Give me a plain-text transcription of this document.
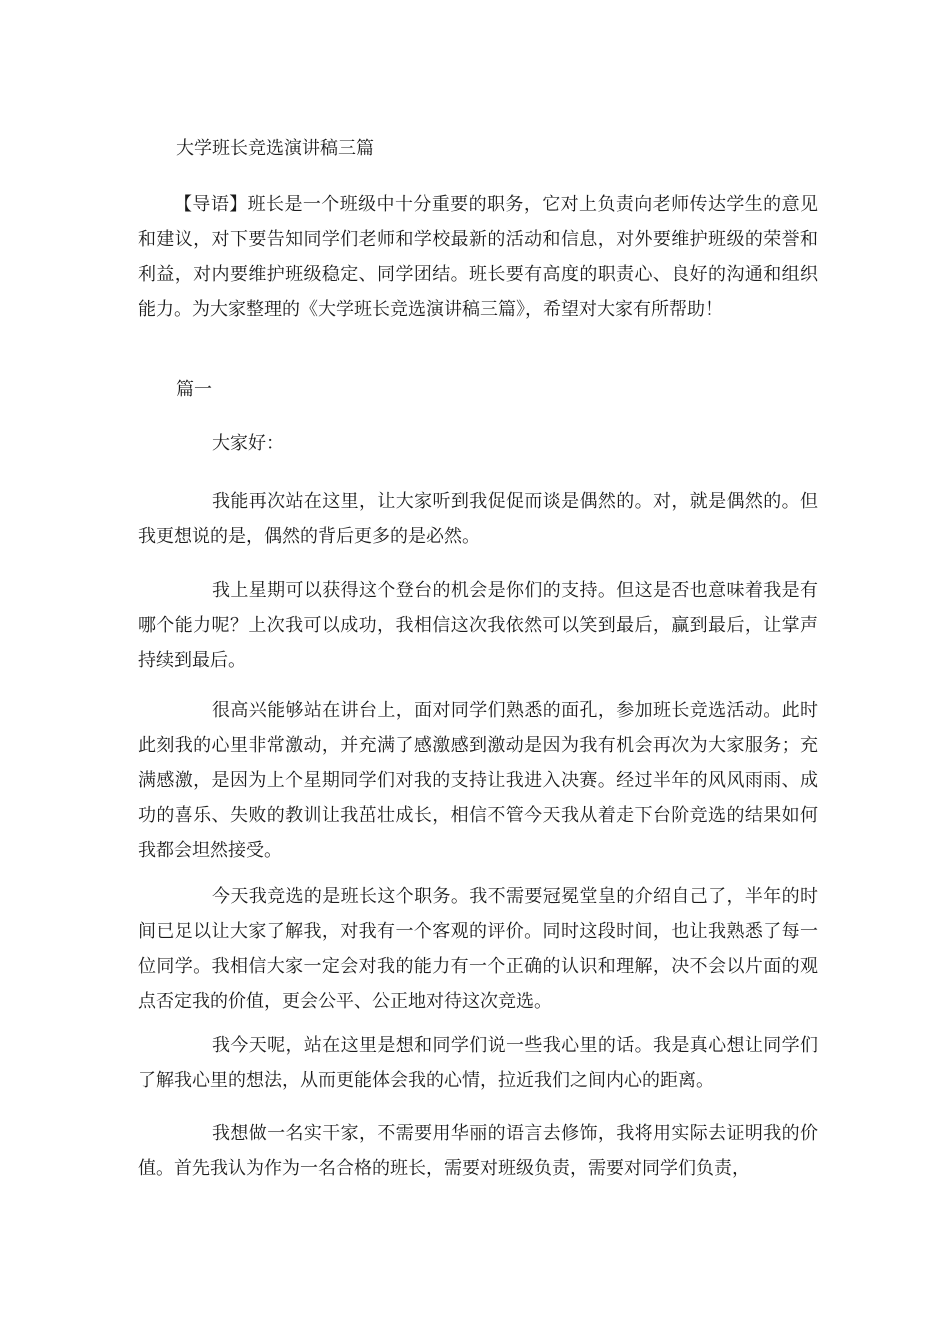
大学班长竞选演讲稿三篇

【导语】班长是一个班级中十分重要的职务，它对上负责向老师传达学生的意见和建议，对下要告知同学们老师和学校最新的活动和信息，对外要维护班级的荣誉和利益，对内要维护班级稳定、同学团结。班长要有高度的职责心、良好的沟通和组织能力。为大家整理的《大学班长竞选演讲稿三篇》，希望对大家有所帮助！

篇一

大家好：

我能再次站在这里，让大家听到我促促而谈是偶然的。对，就是偶然的。但我更想说的是，偶然的背后更多的是必然。

我上星期可以获得这个登台的机会是你们的支持。但这是否也意味着我是有哪个能力呢？上次我可以成功，我相信这次我依然可以笑到最后，赢到最后，让掌声持续到最后。

很高兴能够站在讲台上，面对同学们熟悉的面孔，参加班长竞选活动。此时此刻我的心里非常激动，并充满了感激感到激动是因为我有机会再次为大家服务；充满感激，是因为上个星期同学们对我的支持让我进入决赛。经过半年的风风雨雨、成功的喜乐、失败的教训让我茁壮成长，相信不管今天我从着走下台阶竞选的结果如何我都会坦然接受。

今天我竞选的是班长这个职务。我不需要冠冕堂皇的介绍自己了，半年的时间已足以让大家了解我，对我有一个客观的评价。同时这段时间，也让我熟悉了每一位同学。我相信大家一定会对我的能力有一个正确的认识和理解，决不会以片面的观点否定我的价值，更会公平、公正地对待这次竞选。

我今天呢，站在这里是想和同学们说一些我心里的话。我是真心想让同学们了解我心里的想法，从而更能体会我的心情，拉近我们之间内心的距离。

我想做一名实干家，不需要用华丽的语言去修饰，我将用实际去证明我的价值。首先我认为作为一名合格的班长，需要对班级负责，需要对同学们负责，
